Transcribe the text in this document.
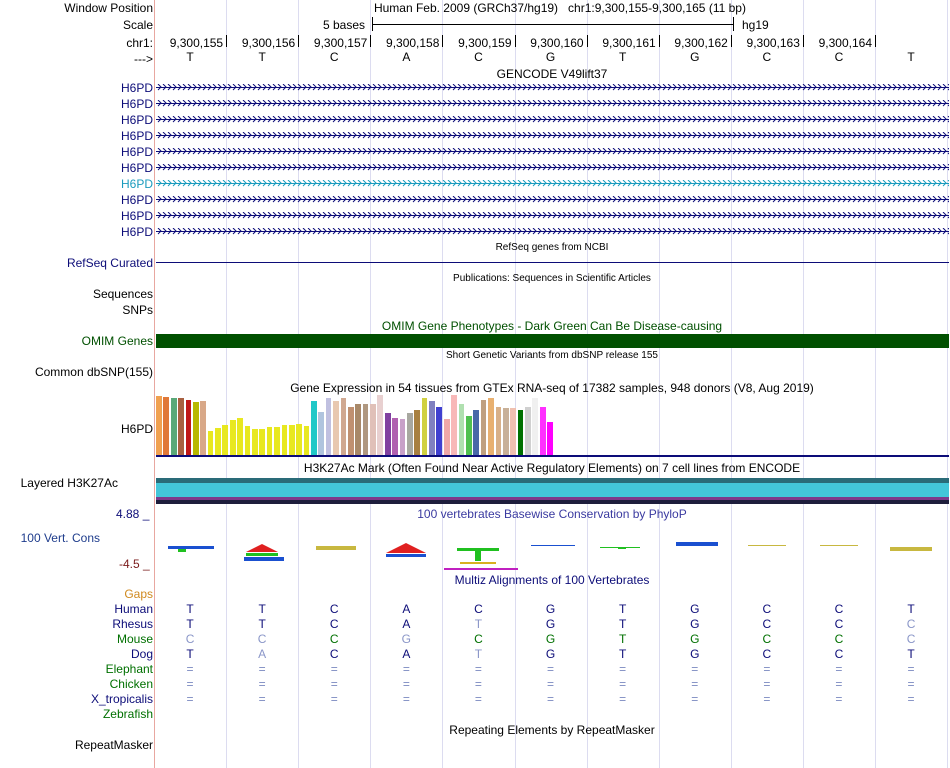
Window Position
Scale
chr1:
--->
Human Feb. 2009 (GRCh37/hg19) chr1:9,300,155-9,300,165 (11 bp)
5 bases	hg19
9,300,155 9,300,156 9,300,157 9,300,158 9,300,159 9,300,160 9,300,161 9,300,162 9,300,163 9,300,164
T	T	C	A	C	G	T	G	C	C	T
GENCODE V49lift37
H6PD
H6PD
H6PD
H6PD
H6PD
H6PD
H6PD
H6PD
H6PD
H6PD
RefSeq genes from NCBI
RefSeq Curated
Publications: Sequences in Scientific Articles
Sequences
SNPs
OMIM Gene Phenotypes - Dark Green Can Be Disease-causing
OMIM Genes
Short Genetic Variants from dbSNP release 155
Common dbSNP(155)
Gene Expression in 54 tissues from GTEx RNA-seq of 17382 samples, 948 donors (V8, Aug 2019)
H6PD
H3K27Ac Mark (Often Found Near Active Regulatory Elements) on 7 cell lines from ENCODE
Layered H3K27Ac
4.88 _	100 vertebrates Basewise Conservation by PhyloP
100 Vert. Cons
-4.5 _
Multiz Alignments of 100 Vertebrates
Gaps
Human	T	T	C	A	C	G	T	G	C	C	T
Rhesus	T	T	C	A	T	G	T	G	C	C	C
Mouse	C	C	C	G	C	G	T	G	C	C	C
Dog	T	A	C	A	T	G	T	G	C	C	T
Elephant	=	=	=	=	=	=	=	=	=	=	=
Chicken	=	=	=	=	=	=	=	=	=	=	=
X_tropicalis	=	=	=	=	=	=	=	=	=	=	=
Zebrafish
Repeating Elements by RepeatMasker
RepeatMasker
